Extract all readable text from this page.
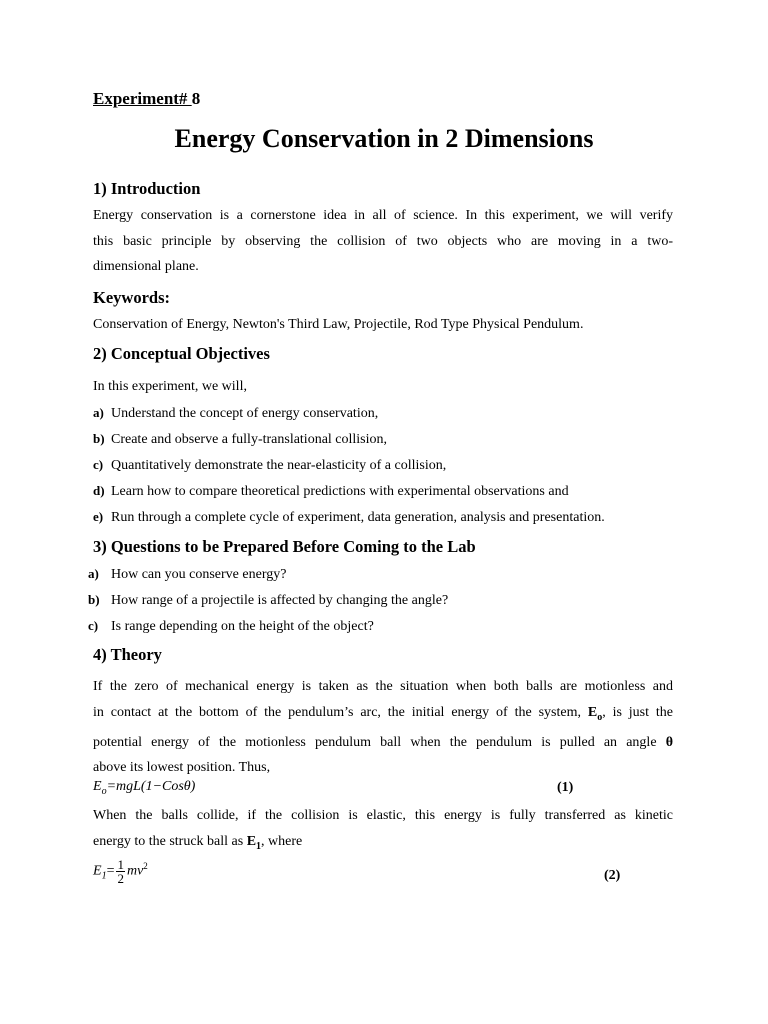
Experiment# 8
Energy Conservation in 2 Dimensions
1) Introduction
Energy conservation is a cornerstone idea in all of science. In this experiment, we will verify
this basic principle by observing the collision of two objects who are moving in a two-
dimensional plane.
Keywords:
Conservation of Energy, Newton's Third Law, Projectile, Rod Type Physical Pendulum.
2) Conceptual Objectives
In this experiment, we will,
a) Understand the concept of energy conservation,
b) Create and observe a fully-translational collision,
c) Quantitatively demonstrate the near-elasticity of a collision,
d) Learn how to compare theoretical predictions with experimental observations and
e) Run through a complete cycle of experiment, data generation, analysis and presentation.
3) Questions to be Prepared Before Coming to the Lab
a) How can you conserve energy?
b) How range of a projectile is affected by changing the angle?
c) Is range depending on the height of the object?
4) Theory
If the zero of mechanical energy is taken as the situation when both balls are motionless and
in contact at the bottom of the pendulum’s arc, the initial energy of the system, $E_o$, is just the
potential energy of the motionless pendulum ball when the pendulum is pulled an angle θ
above its lowest position. Thus,
$E_o=mgL(1-Cos\theta)$	(1)
When the balls collide, if the collision is elastic, this energy is fully transferred as kinetic
energy to the struck ball as $E_1$, where
$E_1= \frac{1}{2} mv^2$
(2)
